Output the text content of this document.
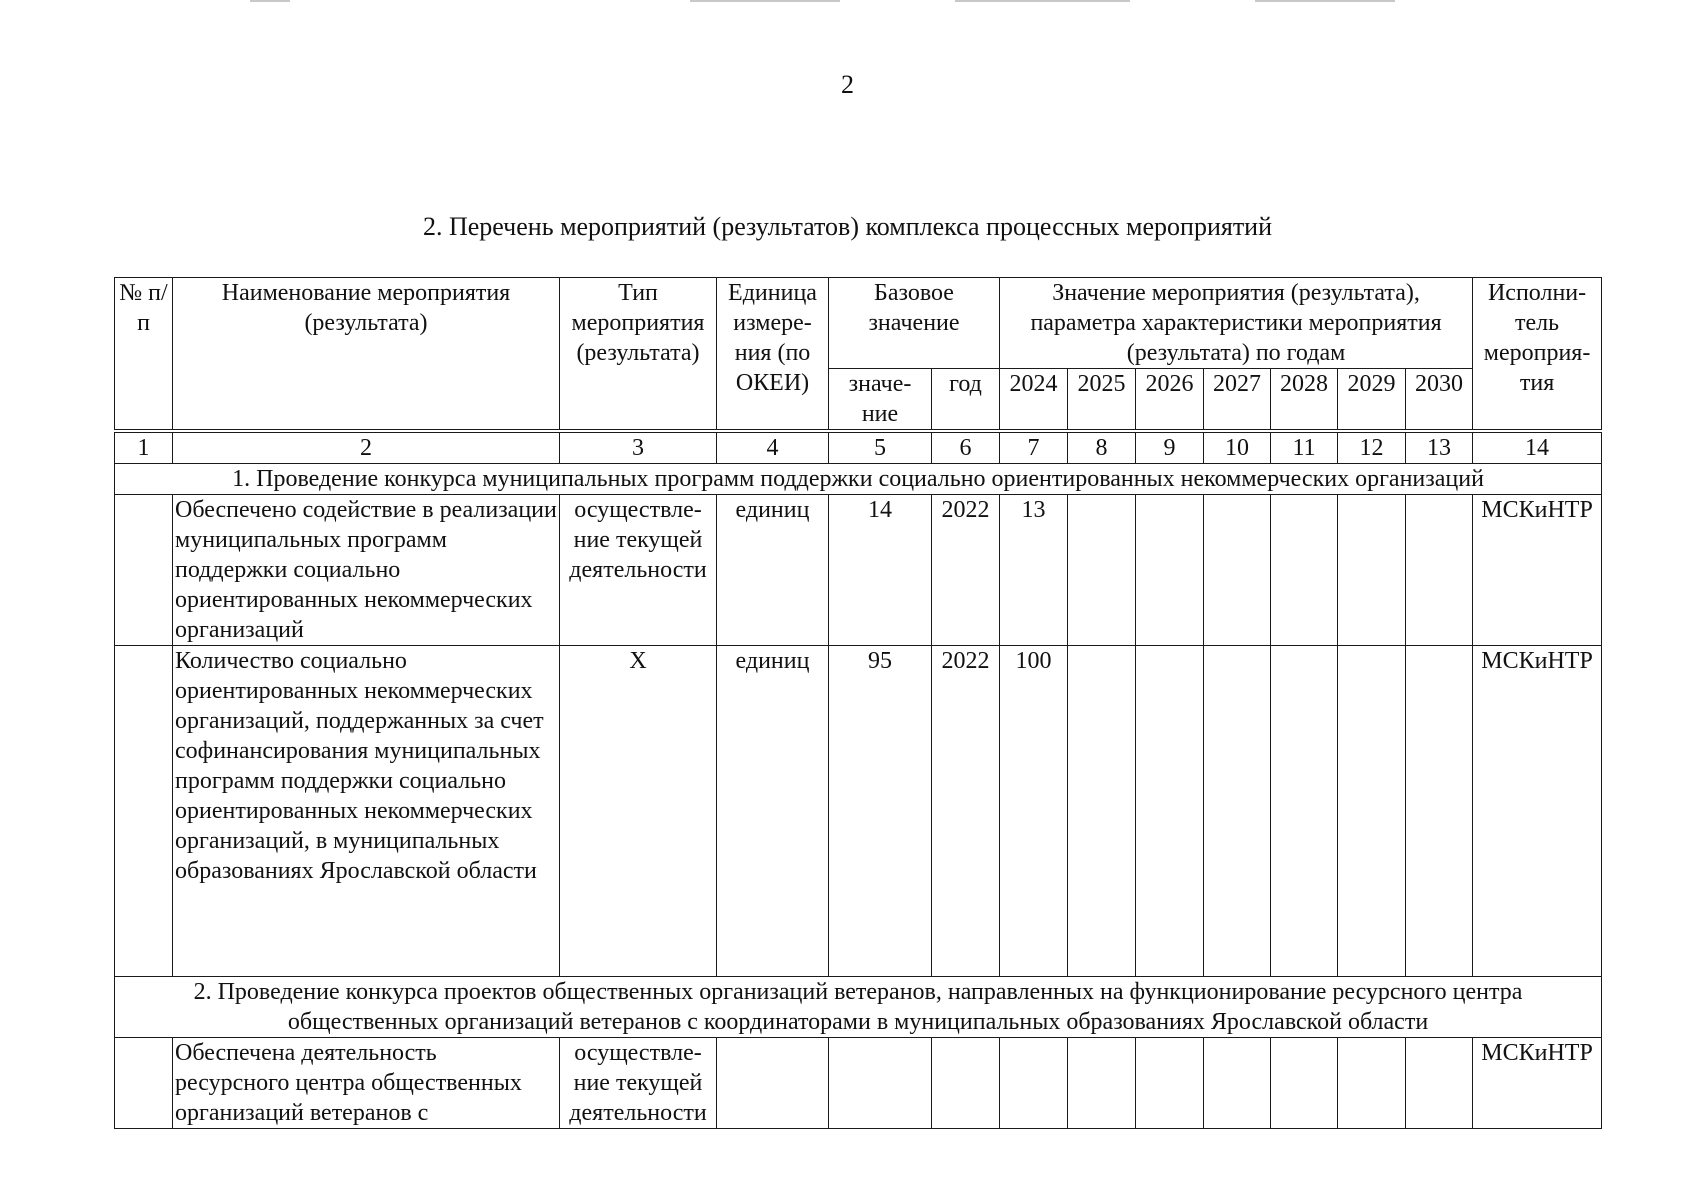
2
2. Перечень мероприятий (результатов) комплекса процессных мероприятий
№ п/п	Наименование мероприятия (результата)	Тип мероприятия (результата)	Единица измере-ния (по ОКЕИ)	Базовое значение		Значение мероприятия (результата), параметра характеристики мероприятия (результата) по годам							Исполни-тель мероприя-тия
				значе-ние	год	2024	2025	2026	2027	2028	2029	2030	
1	2	3	4	5	6	7	8	9	10	11	12	13	14
1. Проведение конкурса муниципальных программ поддержки социально ориентированных некоммерческих организаций													
	Обеспечено содействие в реализации муниципальных программ поддержки социально ориентированных некоммерческих организаций	осуществле-ние текущей деятельности	единиц	14	2022	13							МСКиНТР
	Количество социально ориентированных некоммерческих организаций, поддержанных за счет софинансирования муниципальных программ поддержки социально ориентированных некоммерческих организаций, в муниципальных образованиях Ярославской области	Х	единиц	95	2022	100							МСКиНТР
2. Проведение конкурса проектов общественных организаций ветеранов, направленных на функционирование ресурсного центра общественных организаций ветеранов с координаторами в муниципальных образованиях Ярославской области													
	Обеспечена деятельность ресурсного центра общественных организаций ветеранов с	осуществле-ние текущей деятельности											МСКиНТР
